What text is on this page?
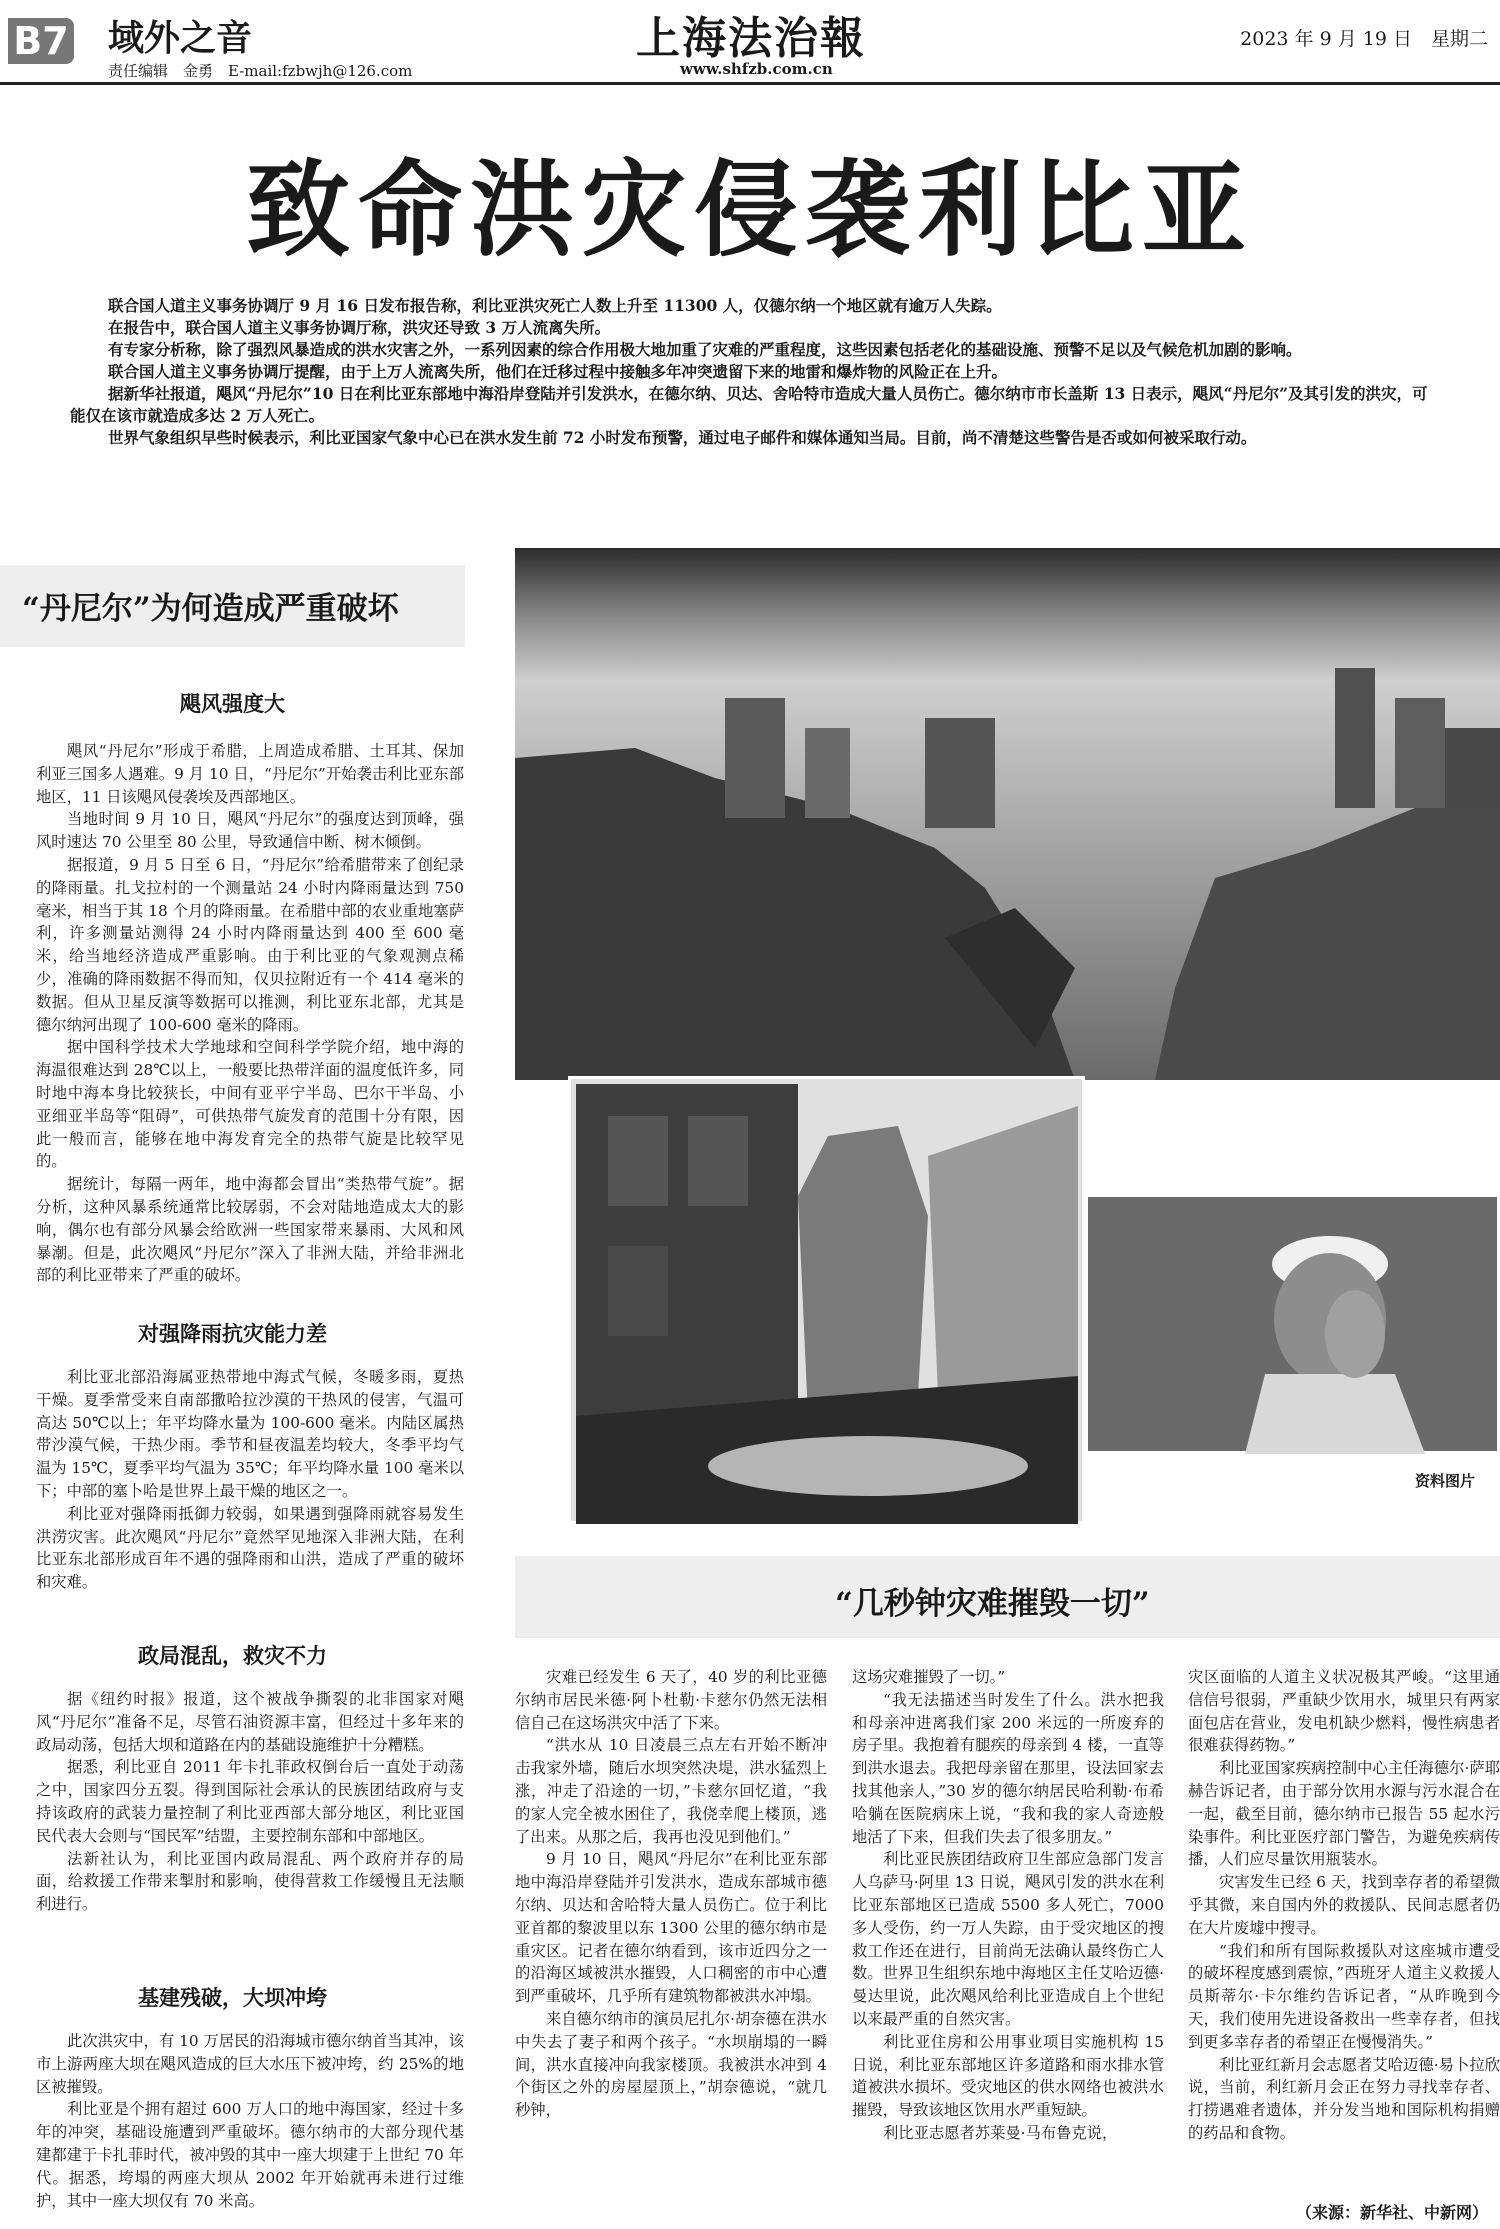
B7 域外之音
责任编辑　金勇　E-mail:fzbwjh@126.com
上海法治報
www.shfzb.com.cn
2023 年 9 月 19 日　星期二
致命洪灾侵袭利比亚

联合国人道主义事务协调厅 9 月 16 日发布报告称，利比亚洪灾死亡人数上升至 11300 人，仅德尔纳一个地区就有逾万人失踪。

在报告中，联合国人道主义事务协调厅称，洪灾还导致 3 万人流离失所。

有专家分析称，除了强烈风暴造成的洪水灾害之外，一系列因素的综合作用极大地加重了灾难的严重程度，这些因素包括老化的基础设施、预警不足以及气候危机加剧的影响。

联合国人道主义事务协调厅提醒，由于上万人流离失所，他们在迁移过程中接触多年冲突遗留下来的地雷和爆炸物的风险正在上升。

据新华社报道，飓风“丹尼尔”10 日在利比亚东部地中海沿岸登陆并引发洪水，在德尔纳、贝达、舍哈特市造成大量人员伤亡。德尔纳市市长盖斯 13 日表示，飓风“丹尼尔”及其引发的洪灾，可能仅在该市就造成多达 2 万人死亡。

世界气象组织早些时候表示，利比亚国家气象中心已在洪水发生前 72 小时发布预警，通过电子邮件和媒体通知当局。目前，尚不清楚这些警告是否或如何被采取行动。

“丹尼尔”为何造成严重破坏
飓风强度大

飓风“丹尼尔”形成于希腊，上周造成希腊、土耳其、保加利亚三国多人遇难。9 月 10 日，“丹尼尔”开始袭击利比亚东部地区，11 日该飓风侵袭埃及西部地区。

当地时间 9 月 10 日，飓风“丹尼尔”的强度达到顶峰，强风时速达 70 公里至 80 公里，导致通信中断、树木倾倒。

据报道，9 月 5 日至 6 日，“丹尼尔”给希腊带来了创纪录的降雨量。扎戈拉村的一个测量站 24 小时内降雨量达到 750 毫米，相当于其 18 个月的降雨量。在希腊中部的农业重地塞萨利，许多测量站测得 24 小时内降雨量达到 400 至 600 毫米，给当地经济造成严重影响。由于利比亚的气象观测点稀少，准确的降雨数据不得而知，仅贝拉附近有一个 414 毫米的数据。但从卫星反演等数据可以推测，利比亚东北部，尤其是德尔纳河出现了 100-600 毫米的降雨。

据中国科学技术大学地球和空间科学学院介绍，地中海的海温很难达到 28℃以上，一般要比热带洋面的温度低许多，同时地中海本身比较狭长，中间有亚平宁半岛、巴尔干半岛、小亚细亚半岛等“阻碍”，可供热带气旋发育的范围十分有限，因此一般而言，能够在地中海发育完全的热带气旋是比较罕见的。

据统计，每隔一两年，地中海都会冒出“类热带气旋”。据分析，这种风暴系统通常比较孱弱，不会对陆地造成太大的影响，偶尔也有部分风暴会给欧洲一些国家带来暴雨、大风和风暴潮。但是，此次飓风“丹尼尔”深入了非洲大陆，并给非洲北部的利比亚带来了严重的破坏。

对强降雨抗灾能力差

利比亚北部沿海属亚热带地中海式气候，冬暖多雨，夏热干燥。夏季常受来自南部撒哈拉沙漠的干热风的侵害，气温可高达 50℃以上；年平均降水量为 100-600 毫米。内陆区属热带沙漠气候，干热少雨。季节和昼夜温差均较大，冬季平均气温为 15℃，夏季平均气温为 35℃；年平均降水量 100 毫米以下；中部的塞卜哈是世界上最干燥的地区之一。

利比亚对强降雨抵御力较弱，如果遇到强降雨就容易发生洪涝灾害。此次飓风“丹尼尔”竟然罕见地深入非洲大陆，在利比亚东北部形成百年不遇的强降雨和山洪，造成了严重的破坏和灾难。

政局混乱，救灾不力

据《纽约时报》报道，这个被战争撕裂的北非国家对飓风“丹尼尔”准备不足，尽管石油资源丰富，但经过十多年来的政局动荡，包括大坝和道路在内的基础设施维护十分糟糕。

据悉，利比亚自 2011 年卡扎菲政权倒台后一直处于动荡之中，国家四分五裂。得到国际社会承认的民族团结政府与支持该政府的武装力量控制了利比亚西部大部分地区，利比亚国民代表大会则与“国民军”结盟，主要控制东部和中部地区。

法新社认为，利比亚国内政局混乱、两个政府并存的局面，给救援工作带来掣肘和影响，使得营救工作缓慢且无法顺利进行。

基建残破，大坝冲垮

此次洪灾中，有 10 万居民的沿海城市德尔纳首当其冲，该市上游两座大坝在飓风造成的巨大水压下被冲垮，约 25%的地区被摧毁。

利比亚是个拥有超过 600 万人口的地中海国家，经过十多年的冲突，基础设施遭到严重破坏。德尔纳市的大部分现代基建都建于卡扎菲时代，被冲毁的其中一座大坝建于上世纪 70 年代。据悉，垮塌的两座大坝从 2002 年开始就再未进行过维护，其中一座大坝仅有 70 米高。

资料图片
“几秒钟灾难摧毁一切”

灾难已经发生 6 天了，40 岁的利比亚德尔纳市居民米德·阿卜杜勒·卡慈尔仍然无法相信自己在这场洪灾中活了下来。

“洪水从 10 日凌晨三点左右开始不断冲击我家外墙，随后水坝突然决堤，洪水猛烈上涨，冲走了沿途的一切，”卡慈尔回忆道，“我的家人完全被水困住了，我侥幸爬上楼顶，逃了出来。从那之后，我再也没见到他们。”

9 月 10 日，飓风“丹尼尔”在利比亚东部地中海沿岸登陆并引发洪水，造成东部城市德尔纳、贝达和舍哈特大量人员伤亡。位于利比亚首都的黎波里以东 1300 公里的德尔纳市是重灾区。记者在德尔纳看到，该市近四分之一的沿海区域被洪水摧毁，人口稠密的市中心遭到严重破坏，几乎所有建筑物都被洪水冲塌。

来自德尔纳市的演员尼扎尔·胡奈德在洪水中失去了妻子和两个孩子。“水坝崩塌的一瞬间，洪水直接冲向我家楼顶。我被洪水冲到 4 个街区之外的房屋屋顶上，”胡奈德说，“就几秒钟，

这场灾难摧毁了一切。”

“我无法描述当时发生了什么。洪水把我和母亲冲进离我们家 200 米远的一所废弃的房子里。我抱着有腿疾的母亲到 4 楼，一直等到洪水退去。我把母亲留在那里，设法回家去找其他亲人，”30 岁的德尔纳居民哈利勒·布希哈躺在医院病床上说，“我和我的家人奇迹般地活了下来，但我们失去了很多朋友。”

利比亚民族团结政府卫生部应急部门发言人乌萨马·阿里 13 日说，飓风引发的洪水在利比亚东部地区已造成 5500 多人死亡，7000 多人受伤，约一万人失踪，由于受灾地区的搜救工作还在进行，目前尚无法确认最终伤亡人数。世界卫生组织东地中海地区主任艾哈迈德·曼达里说，此次飓风给利比亚造成自上个世纪以来最严重的自然灾害。

利比亚住房和公用事业项目实施机构 15 日说，利比亚东部地区许多道路和雨水排水管道被洪水损坏。受灾地区的供水网络也被洪水摧毁，导致该地区饮用水严重短缺。

利比亚志愿者苏莱曼·马布鲁克说，

灾区面临的人道主义状况极其严峻。“这里通信信号很弱，严重缺少饮用水，城里只有两家面包店在营业，发电机缺少燃料，慢性病患者很难获得药物。”

利比亚国家疾病控制中心主任海德尔·萨耶赫告诉记者，由于部分饮用水源与污水混合在一起，截至目前，德尔纳市已报告 55 起水污染事件。利比亚医疗部门警告，为避免疾病传播，人们应尽量饮用瓶装水。

灾害发生已经 6 天，找到幸存者的希望微乎其微，来自国内外的救援队、民间志愿者仍在大片废墟中搜寻。

“我们和所有国际救援队对这座城市遭受的破坏程度感到震惊，”西班牙人道主义救援人员斯蒂尔·卡尔维约告诉记者，“从昨晚到今天，我们使用先进设备救出一些幸存者，但找到更多幸存者的希望正在慢慢消失。”

利比亚红新月会志愿者艾哈迈德·易卜拉欣说，当前，利红新月会正在努力寻找幸存者、打捞遇难者遗体，并分发当地和国际机构捐赠的药品和食物。

（来源：新华社、中新网）
